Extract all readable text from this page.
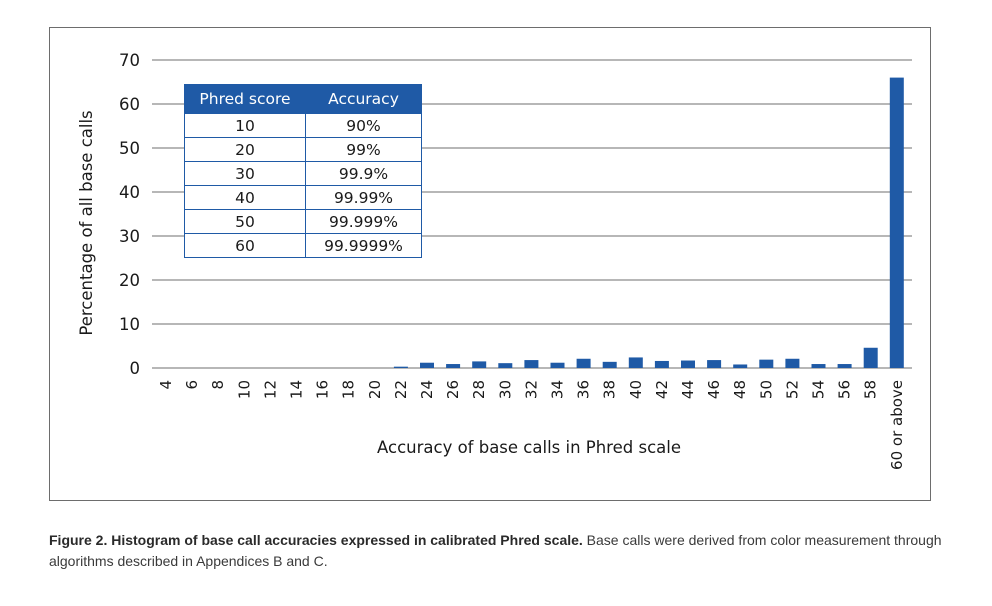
0
10
20
30
40
50
60
70
4 6 8 10 12 14 16 18 20 22 24 26 28 30 32 34 36 38 40 42 44 46 48 50 52 54 56 58 60 or above
Percentage of all base calls
Accuracy of base calls in Phred scale
Phred score	Accuracy
10	90%
20	99%
30	99.9%
40	99.99%
50	99.999%
60	99.9999%
Figure 2. Histogram of base call accuracies expressed in calibrated Phred scale. Base calls were derived from color measurement through algorithms described in Appendices B and C.
